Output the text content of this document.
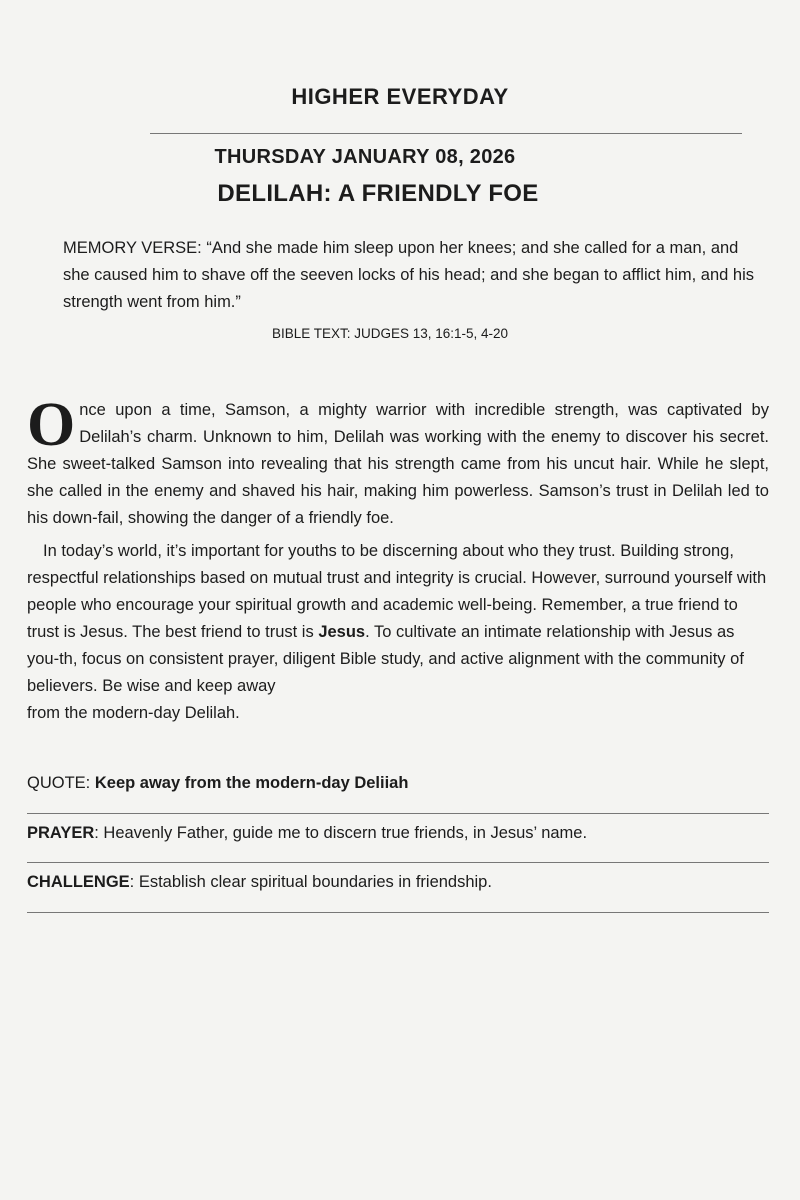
HIGHER EVERYDAY
THURSDAY JANUARY 08, 2026
DELILAH: A FRIENDLY FOE
MEMORY VERSE: “And she made him sleep upon her knees; and she called for a man, and she caused him to shave off the seeven locks of his head; and she began to afflict him, and his strength went from him.”
BIBLE TEXT: JUDGES 13, 16:1-5, 4-20

Once upon a time, Samson, a mighty warrior with incredible strength, was captivated by Delilah’s charm. Unknown to him, Delilah was working with the enemy to discover his secret. She sweet-talked Samson into revealing that his strength came from his uncut hair. While he slept, she called in the enemy and shaved his hair, making him powerless. Samson’s trust in Delilah led to his down-fail, showing the danger of a friendly foe.

In today’s world, it’s important for youths to be discerning about who they trust. Building strong, respectful relationships based on mutual trust and integrity is crucial. However, surround yourself with people who encourage your spiritual growth and academic well-being. Remember, a true friend to trust is Jesus. The best friend to trust is Jesus. To cultivate an intimate relationship with Jesus as you-th, focus on consistent prayer, diligent Bible study, and active alignment with the community of believers. Be wise and keep away
from the modern-day Delilah.

QUOTE: Keep away from the modern-day Deliiah
PRAYER: Heavenly Father, guide me to discern true friends, in Jesus’ name.
CHALLENGE: Establish clear spiritual boundaries in friendship.
